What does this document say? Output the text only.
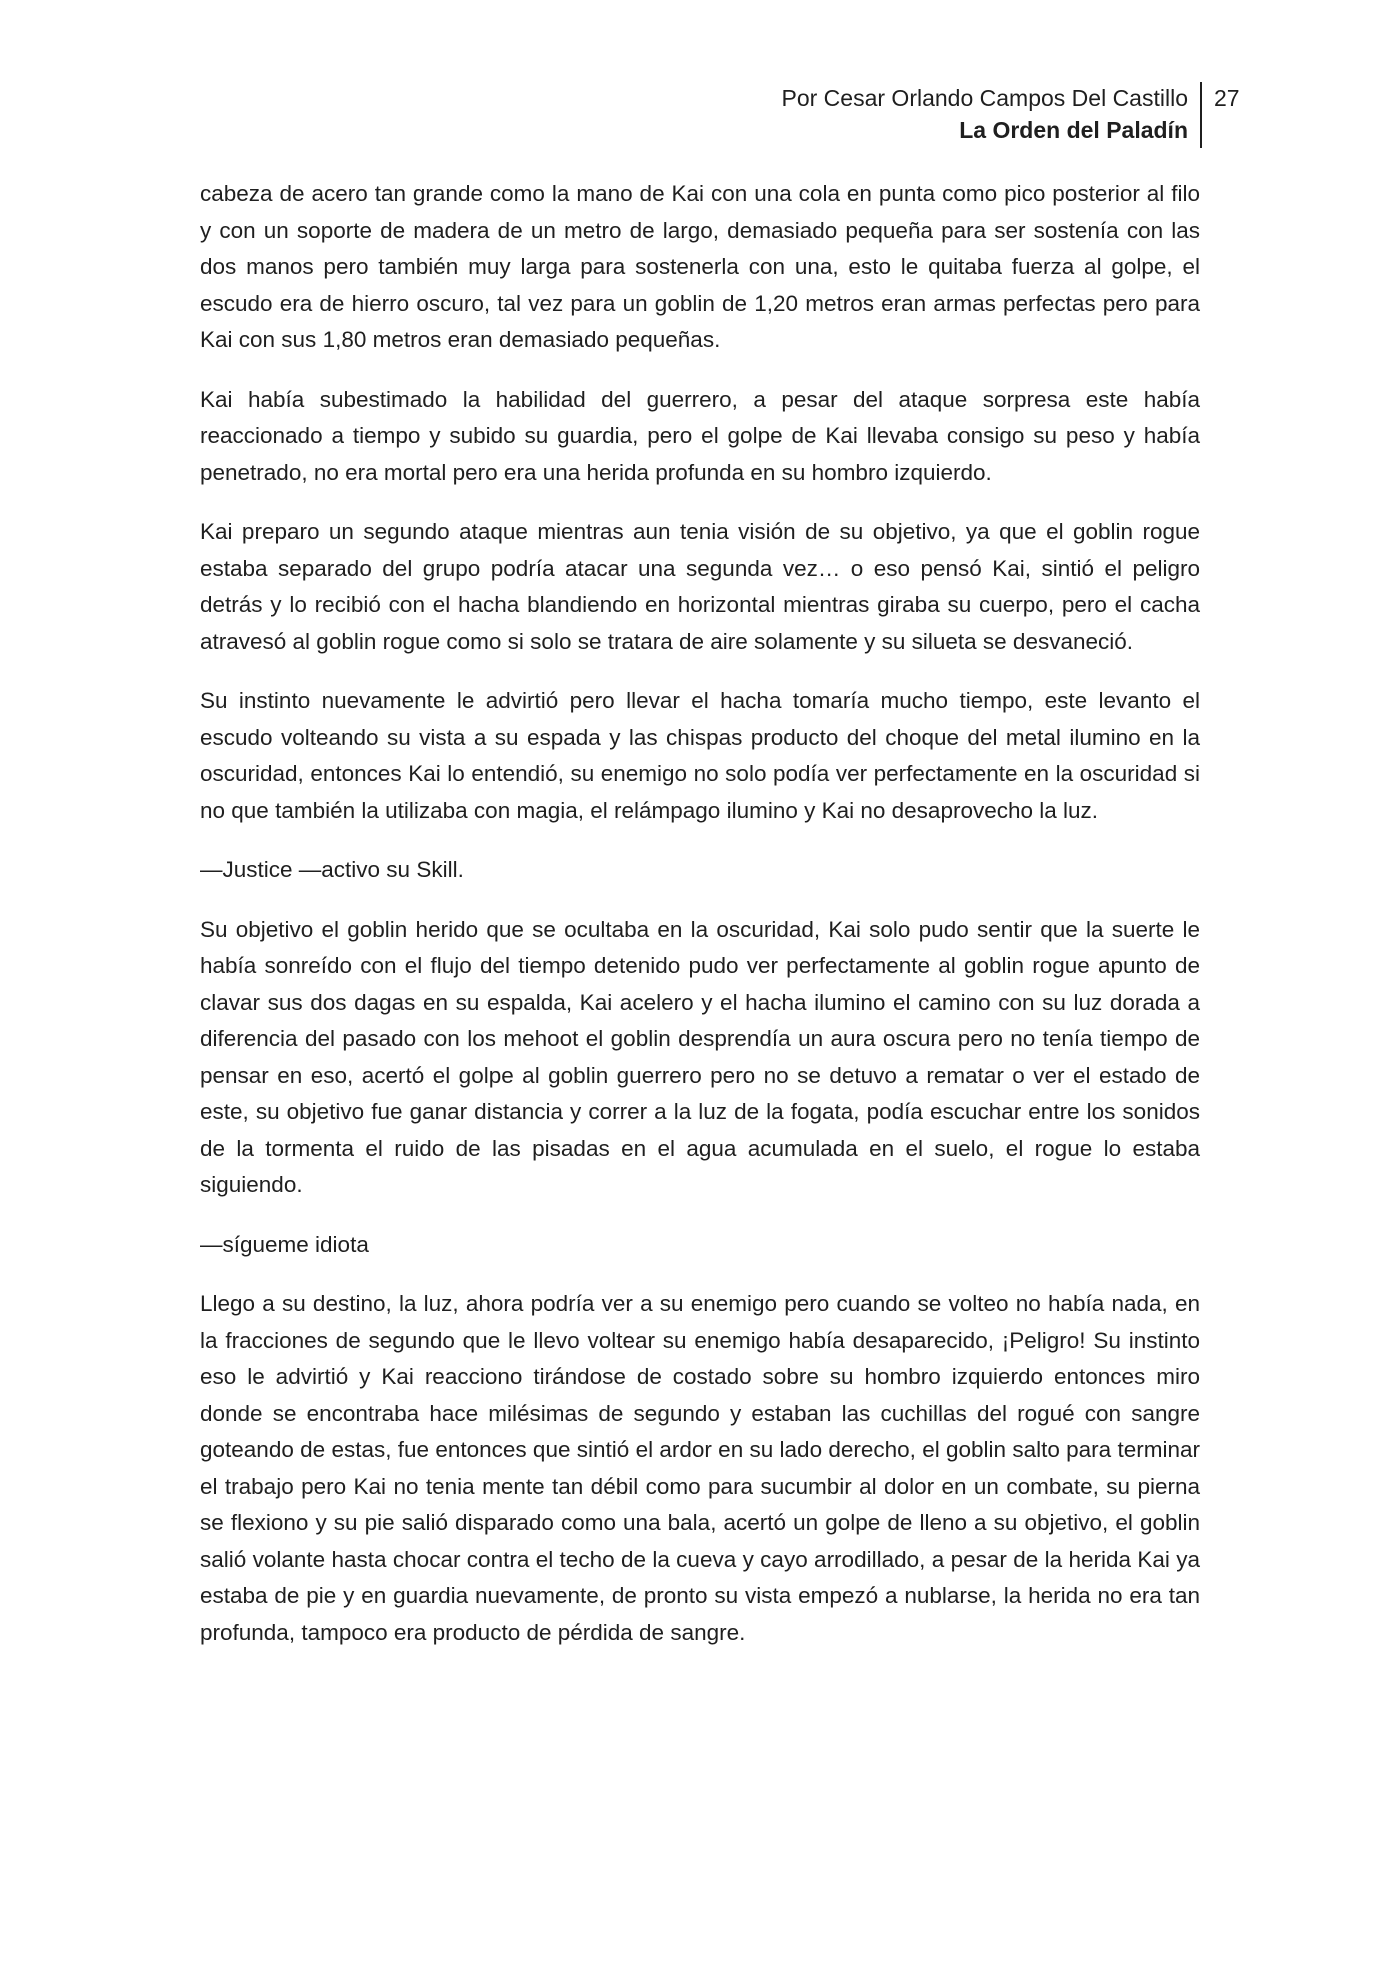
Por Cesar Orlando Campos Del Castillo
La Orden del Paladín
27

cabeza de acero tan grande como la mano de Kai con una cola en punta como pico posterior al filo y con un soporte de madera de un metro de largo, demasiado pequeña para ser sostenía con las dos manos pero también muy larga para sostenerla con una, esto le quitaba fuerza al golpe, el escudo era de hierro oscuro, tal vez para un goblin de 1,20 metros eran armas perfectas pero para Kai con sus 1,80 metros eran demasiado pequeñas.

Kai había subestimado la habilidad del guerrero, a pesar del ataque sorpresa este había reaccionado a tiempo y subido su guardia, pero el golpe de Kai llevaba consigo su peso y había penetrado, no era mortal pero era una herida profunda en su hombro izquierdo.

Kai preparo un segundo ataque mientras aun tenia visión de su objetivo, ya que el goblin rogue estaba separado del grupo podría atacar una segunda vez… o eso pensó Kai, sintió el peligro detrás y lo recibió con el hacha blandiendo en horizontal mientras giraba su cuerpo, pero el cacha atravesó al goblin rogue como si solo se tratara de aire solamente y su silueta se desvaneció.

Su instinto nuevamente le advirtió pero llevar el hacha tomaría mucho tiempo, este levanto el escudo volteando su vista a su espada y las chispas producto del choque del metal ilumino en la oscuridad, entonces Kai lo entendió, su enemigo no solo podía ver perfectamente en la oscuridad si no que también la utilizaba con magia, el relámpago ilumino y Kai no desaprovecho la luz.

—Justice —activo su Skill.

Su objetivo el goblin herido que se ocultaba en la oscuridad, Kai solo pudo sentir que la suerte le había sonreído con el flujo del tiempo detenido pudo ver perfectamente al goblin rogue apunto de clavar sus dos dagas en su espalda, Kai acelero y el hacha ilumino el camino con su luz dorada a diferencia del pasado con los mehoot el goblin desprendía un aura oscura pero no tenía tiempo de pensar en eso, acertó el golpe al goblin guerrero pero no se detuvo a rematar o ver el estado de este, su objetivo fue ganar distancia y correr a la luz de la fogata, podía escuchar entre los sonidos de la tormenta el ruido de las pisadas en el agua acumulada en el suelo, el rogue lo estaba siguiendo.

—sígueme idiota

Llego a su destino, la luz, ahora podría ver a su enemigo pero cuando se volteo no había nada, en la fracciones de segundo que le llevo voltear su enemigo había desaparecido, ¡Peligro! Su instinto eso le advirtió y Kai reacciono tirándose de costado sobre su hombro izquierdo entonces miro donde se encontraba hace milésimas de segundo y estaban las cuchillas del rogué con sangre goteando de estas, fue entonces que sintió el ardor en su lado derecho, el goblin salto para terminar el trabajo pero Kai no tenia mente tan débil como para sucumbir al dolor en un combate, su pierna se flexiono y su pie salió disparado como una bala, acertó un golpe de lleno a su objetivo, el goblin salió volante hasta chocar contra el techo de la cueva y cayo arrodillado, a pesar de la herida Kai ya estaba de pie y en guardia nuevamente, de pronto su vista empezó a nublarse, la herida no era tan profunda, tampoco era producto de pérdida de sangre.
